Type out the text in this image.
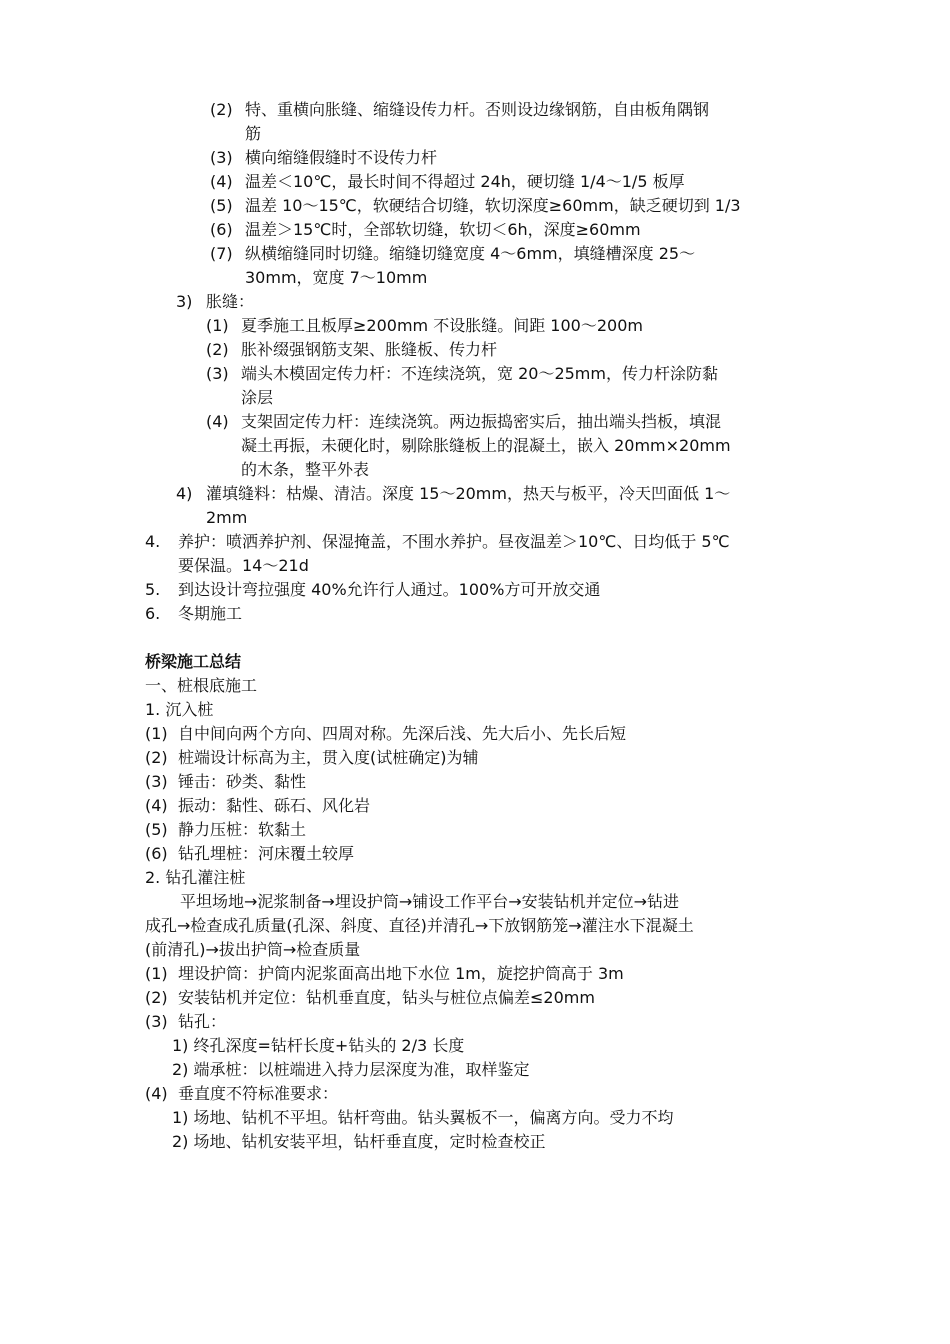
(2) 特、重横向胀缝、缩缝设传力杆。否则设边缘钢筋，自由板角隅钢
筋
(3) 横向缩缝假缝时不设传力杆
(4) 温差＜10℃，最长时间不得超过 24h，硬切缝 1/4～1/5 板厚
(5) 温差 10～15℃，软硬结合切缝，软切深度≥60mm，缺乏硬切到 1/3
(6) 温差＞15℃时，全部软切缝，软切＜6h，深度≥60mm
(7) 纵横缩缝同时切缝。缩缝切缝宽度 4～6mm，填缝槽深度 25～
30mm，宽度 7～10mm
3) 胀缝：
(1) 夏季施工且板厚≥200mm 不设胀缝。间距 100～200m
(2) 胀补缀强钢筋支架、胀缝板、传力杆
(3) 端头木模固定传力杆：不连续浇筑，宽 20～25mm，传力杆涂防黏
涂层
(4) 支架固定传力杆：连续浇筑。两边振捣密实后，抽出端头挡板，填混
凝土再振，未硬化时，剔除胀缝板上的混凝土，嵌入 20mm×20mm
的木条，整平外表
4) 灌填缝料：枯燥、清洁。深度 15～20mm，热天与板平，冷天凹面低 1～
2mm
4. 养护：喷洒养护剂、保湿掩盖，不围水养护。昼夜温差＞10℃、日均低于 5℃
要保温。14～21d
5. 到达设计弯拉强度 40%允许行人通过。100%方可开放交通
6. 冬期施工
桥梁施工总结
一、桩根底施工
1. 沉入桩
(1) 自中间向两个方向、四周对称。先深后浅、先大后小、先长后短
(2) 桩端设计标高为主，贯入度(试桩确定)为辅
(3) 锤击：砂类、黏性
(4) 振动：黏性、砾石、风化岩
(5) 静力压桩：软黏土
(6) 钻孔埋桩：河床覆土较厚
2. 钻孔灌注桩
平坦场地→泥浆制备→埋设护筒→铺设工作平台→安装钻机并定位→钻进
成孔→检查成孔质量(孔深、斜度、直径)并清孔→下放钢筋笼→灌注水下混凝土
(前清孔)→拔出护筒→检查质量
(1) 埋设护筒：护筒内泥浆面高出地下水位 1m，旋挖护筒高于 3m
(2) 安装钻机并定位：钻机垂直度，钻头与桩位点偏差≤20mm
(3) 钻孔：
1) 终孔深度=钻杆长度+钻头的 2/3 长度
2) 端承桩：以桩端进入持力层深度为准，取样鉴定
(4) 垂直度不符标准要求：
1) 场地、钻机不平坦。钻杆弯曲。钻头翼板不一，偏离方向。受力不均
2) 场地、钻机安装平坦，钻杆垂直度，定时检查校正
